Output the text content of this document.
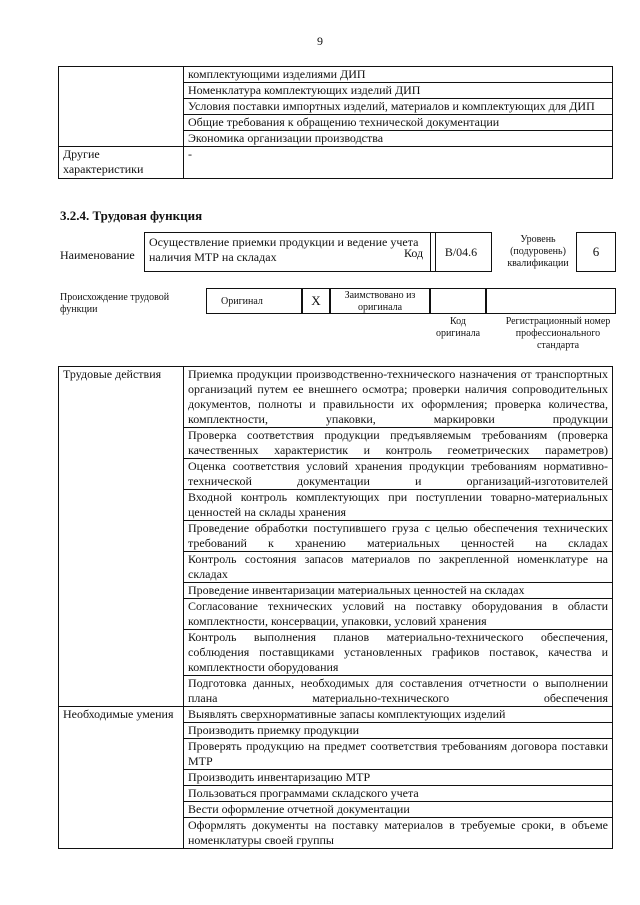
9
	комплектующими изделиями ДИП
	Номенклатура комплектующих изделий ДИП
	Условия поставки импортных изделий, материалов и комплектующих для ДИП
	Общие требования к обращению технической документации
	Экономика организации производства
Другие характеристики	-
3.2.4. Трудовая функция
Наименование
Осуществление приемки продукции и ведение учета наличия МТР на складах	Код	B/04.6
Уровень (подуровень) квалификации
6
Происхождение трудовой функции
Оригинал	X	Заимствовано из оригинала
Код оригинала
Регистрационный номер профессионального стандарта
Трудовые действия	Приемка продукции производственно-технического назначения от транспортных организаций путем ее внешнего осмотра; проверки наличия сопроводительных документов, полноты и правильности их оформления; проверка количества, комплектности, упаковки, маркировки продукции
	Проверка соответствия продукции предъявляемым требованиям (проверка качественных характеристик и контроль геометрических параметров)
	Оценка соответствия условий хранения продукции требованиям нормативно-технической документации и организаций-изготовителей
	Входной контроль комплектующих при поступлении товарно-материальных ценностей на склады хранения
	Проведение обработки поступившего груза с целью обеспечения технических требований к хранению материальных ценностей на складах
	Контроль состояния запасов материалов по закрепленной номенклатуре на складах
	Проведение инвентаризации материальных ценностей на складах
	Согласование технических условий на поставку оборудования в области комплектности, консервации, упаковки, условий хранения
	Контроль выполнения планов материально-технического обеспечения, соблюдения поставщиками установленных графиков поставок, качества и комплектности оборудования
	Подготовка данных, необходимых для составления отчетности о выполнении плана материально-технического обеспечения
Необходимые умения	Выявлять сверхнормативные запасы комплектующих изделий
	Производить приемку продукции
	Проверять продукцию на предмет соответствия требованиям договора поставки МТР
	Производить инвентаризацию МТР
	Пользоваться программами складского учета
	Вести оформление отчетной документации
	Оформлять документы на поставку материалов в требуемые сроки, в объеме номенклатуры своей группы
